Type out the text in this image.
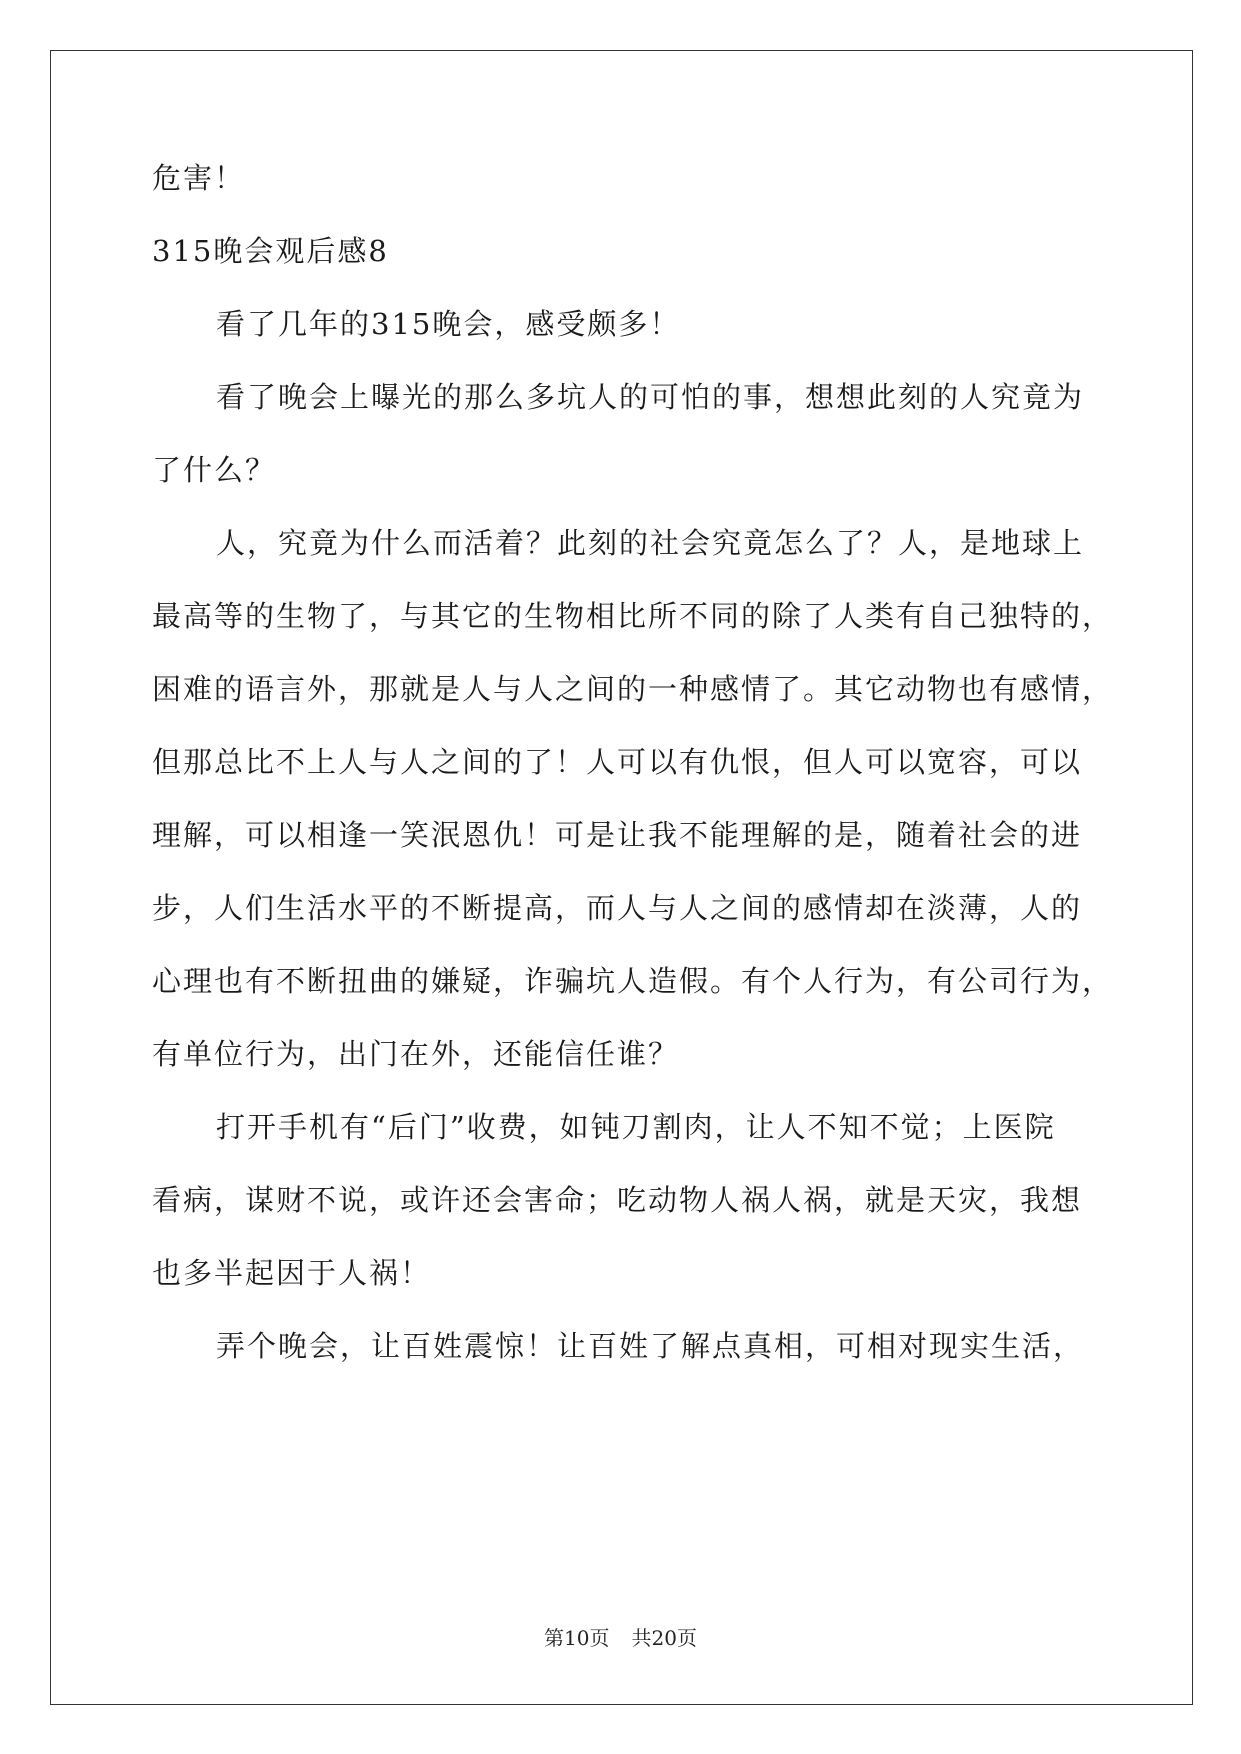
危害！
315晚会观后感8
看了几年的315晚会，感受颇多！
看了晚会上曝光的那么多坑人的可怕的事，想想此刻的人究竟为
了什么？
人，究竟为什么而活着？此刻的社会究竟怎么了？人，是地球上
最高等的生物了，与其它的生物相比所不同的除了人类有自己独特的，
困难的语言外，那就是人与人之间的一种感情了。其它动物也有感情，
但那总比不上人与人之间的了！人可以有仇恨，但人可以宽容，可以
理解，可以相逢一笑泯恩仇！可是让我不能理解的是，随着社会的进
步，人们生活水平的不断提高，而人与人之间的感情却在淡薄，人的
心理也有不断扭曲的嫌疑，诈骗坑人造假。有个人行为，有公司行为，
有单位行为，出门在外，还能信任谁？
打开手机有“后门”收费，如钝刀割肉，让人不知不觉；上医院
看病，谋财不说，或许还会害命；吃动物人祸人祸，就是天灾，我想
也多半起因于人祸！
弄个晚会，让百姓震惊！让百姓了解点真相，可相对现实生活，
第10页 共20页
